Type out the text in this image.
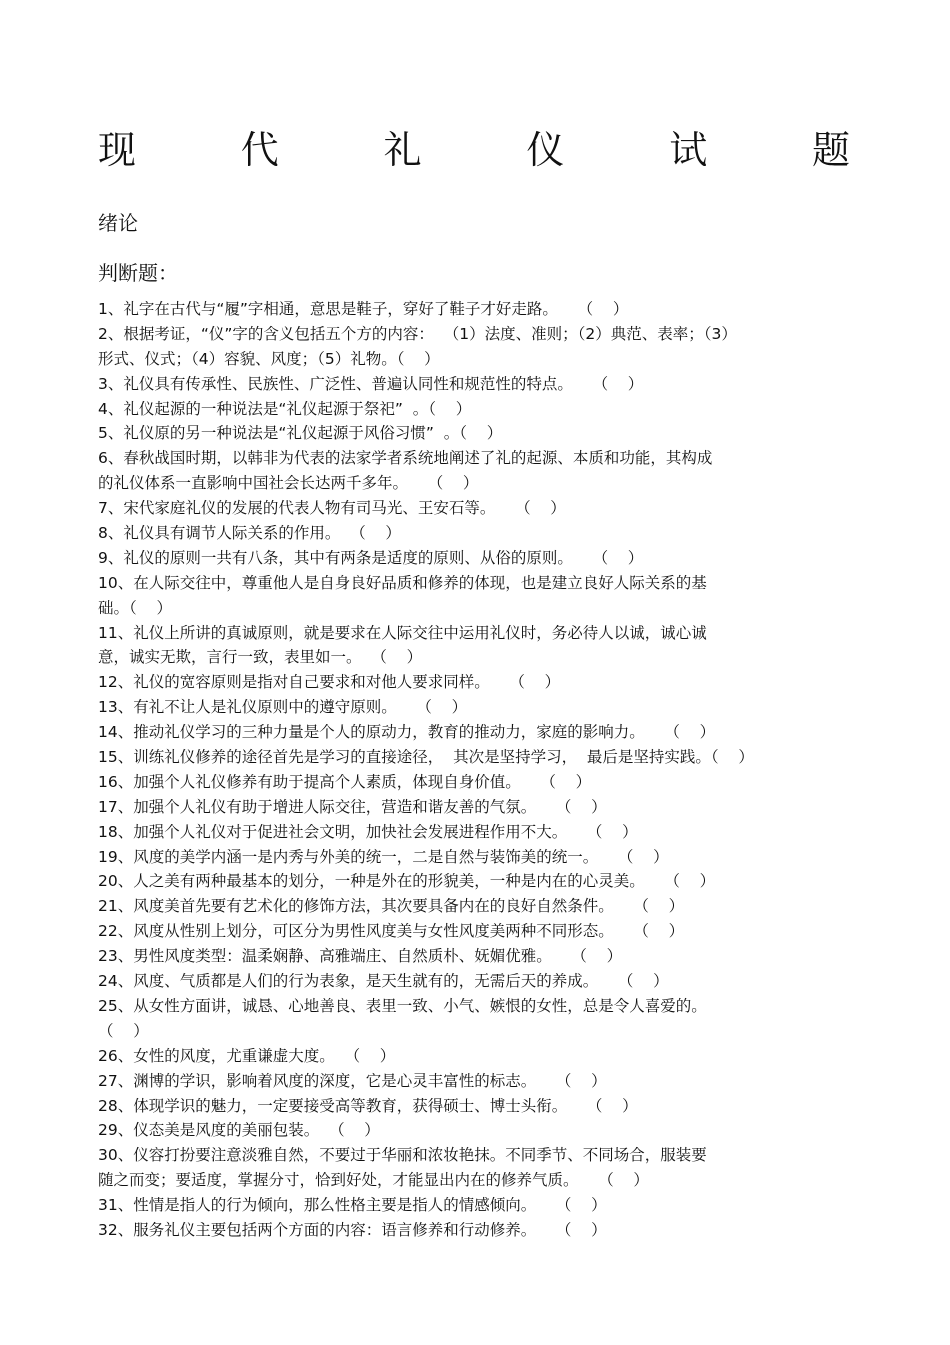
现	代	礼	仪	试	题
绪论
判断题：
1、礼字在古代与“履”字相通，意思是鞋子，穿好了鞋子才好走路。    （    ）
2、根据考证，“仪”字的含义包括五个方的内容：  （1）法度、准则；（2）典范、表率；（3）
形式、仪式；（4）容貌、风度；（5）礼物。（    ）
3、礼仪具有传承性、民族性、广泛性、普遍认同性和规范性的特点。    （    ）
4、礼仪起源的一种说法是“礼仪起源于祭祀”  。（    ）
5、礼仪原的另一种说法是“礼仪起源于风俗习惯”  。（    ）
6、春秋战国时期，以韩非为代表的法家学者系统地阐述了礼的起源、本质和功能，其构成
的礼仪体系一直影响中国社会长达两千多年。    （    ）
7、宋代家庭礼仪的发展的代表人物有司马光、王安石等。    （    ）
8、礼仪具有调节人际关系的作用。  （    ）
9、礼仪的原则一共有八条，其中有两条是适度的原则、从俗的原则。    （    ）
10、在人际交往中，尊重他人是自身良好品质和修养的体现，也是建立良好人际关系的基
础。（    ）
11、礼仪上所讲的真诚原则，就是要求在人际交往中运用礼仪时，务必待人以诚，诚心诚
意，诚实无欺，言行一致，表里如一。  （    ）
12、礼仪的宽容原则是指对自己要求和对他人要求同样。    （    ）
13、有礼不让人是礼仪原则中的遵守原则。    （    ）
14、推动礼仪学习的三种力量是个人的原动力，教育的推动力，家庭的影响力。    （    ）
15、训练礼仪修养的途径首先是学习的直接途径，  其次是坚持学习，  最后是坚持实践。（    ）
16、加强个人礼仪修养有助于提高个人素质，体现自身价值。    （    ）
17、加强个人礼仪有助于增进人际交往，营造和谐友善的气氛。    （    ）
18、加强个人礼仪对于促进社会文明，加快社会发展进程作用不大。    （    ）
19、风度的美学内涵一是内秀与外美的统一，二是自然与装饰美的统一。    （    ）
20、人之美有两种最基本的划分，一种是外在的形貌美，一种是内在的心灵美。    （    ）
21、风度美首先要有艺术化的修饰方法，其次要具备内在的良好自然条件。    （    ）
22、风度从性别上划分，可区分为男性风度美与女性风度美两种不同形态。    （    ）
23、男性风度类型：温柔娴静、高雅端庄、自然质朴、妩媚优雅。    （    ）
24、风度、气质都是人们的行为表象，是天生就有的，无需后天的养成。    （    ）
25、从女性方面讲，诚恳、心地善良、表里一致、小气、嫉恨的女性，总是令人喜爱的。
（    ）
26、女性的风度，尤重谦虚大度。  （    ）
27、渊博的学识，影响着风度的深度，它是心灵丰富性的标志。    （    ）
28、体现学识的魅力，一定要接受高等教育，获得硕士、博士头衔。    （    ）
29、仪态美是风度的美丽包装。  （    ）
30、仪容打扮要注意淡雅自然，不要过于华丽和浓妆艳抹。不同季节、不同场合，服装要
随之而变；要适度，掌握分寸，恰到好处，才能显出内在的修养气质。    （    ）
31、性情是指人的行为倾向，那么性格主要是指人的情感倾向。    （    ）
32、服务礼仪主要包括两个方面的内容：语言修养和行动修养。    （    ）
